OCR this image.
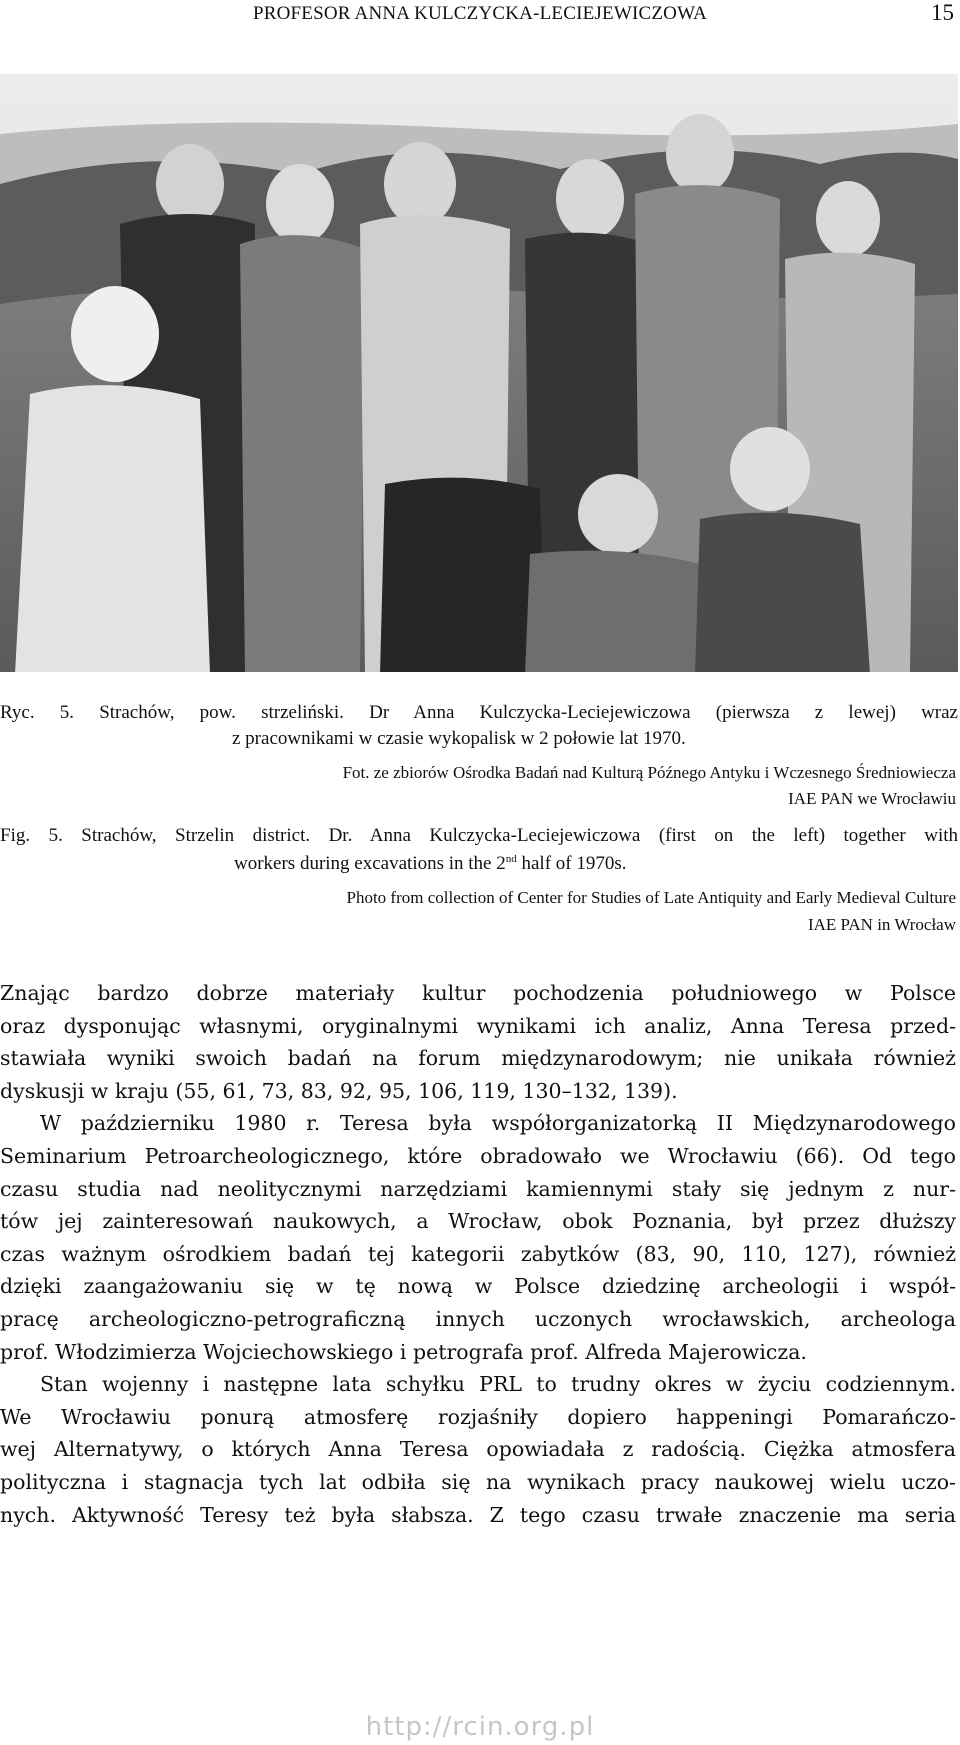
PROFESOR ANNA KULCZYCKA-LECIEJEWICZOWA	15
Ryc. 5. Strachów, pow. strzeliński. Dr Anna Kulczycka-Leciejewiczowa (pierwsza z lewej) wraz
z pracownikami w czasie wykopalisk w 2 połowie lat 1970.
Fot. ze zbiorów Ośrodka Badań nad Kulturą Późnego Antyku i Wczesnego Średniowiecza
IAE PAN we Wrocławiu
Fig. 5. Strachów, Strzelin district. Dr. Anna Kulczycka-Leciejewiczowa (first on the left) together with
workers during excavations in the 2nd half of 1970s.
Photo from collection of Center for Studies of Late Antiquity and Early Medieval Culture
IAE PAN in Wrocław
Znając bardzo dobrze materiały kultur pochodzenia południowego w Polsce
oraz dysponując własnymi, oryginalnymi wynikami ich analiz, Anna Teresa przed-
stawiała wyniki swoich badań na forum międzynarodowym; nie unikała również
dyskusji w kraju (55, 61, 73, 83, 92, 95, 106, 119, 130–132, 139).
W październiku 1980 r. Teresa była współorganizatorką II Międzynarodowego
Seminarium Petroarcheologicznego, które obradowało we Wrocławiu (66). Od tego
czasu studia nad neolitycznymi narzędziami kamiennymi stały się jednym z nur-
tów jej zainteresowań naukowych, a Wrocław, obok Poznania, był przez dłuższy
czas ważnym ośrodkiem badań tej kategorii zabytków (83, 90, 110, 127), również
dzięki zaangażowaniu się w tę nową w Polsce dziedzinę archeologii i współ-
pracę archeologiczno-petrograficzną innych uczonych wrocławskich, archeologa
prof. Włodzimierza Wojciechowskiego i petrografa prof. Alfreda Majerowicza.
Stan wojenny i następne lata schyłku PRL to trudny okres w życiu codziennym.
We Wrocławiu ponurą atmosferę rozjaśniły dopiero happeningi Pomarańczo-
wej Alternatywy, o których Anna Teresa opowiadała z radością. Ciężka atmosfera
polityczna i stagnacja tych lat odbiła się na wynikach pracy naukowej wielu uczo-
nych. Aktywność Teresy też była słabsza. Z tego czasu trwałe znaczenie ma seria
http://rcin.org.pl
